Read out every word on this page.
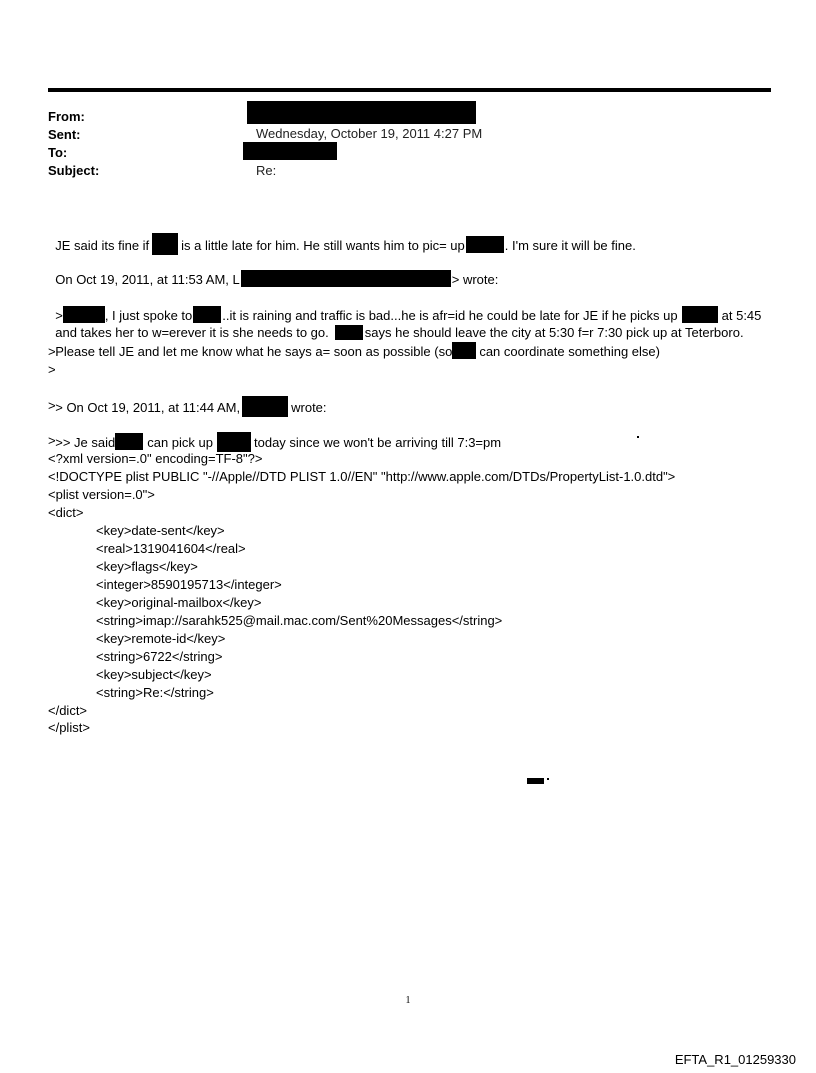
From:
Sent:	Wednesday, October 19, 2011 4:27 PM
To:
Subject:	Re:

JE said its fine if is a little late for him. He still wants him to pic= up	. I'm sure it will be fine.

On Oct 19, 2011, at 11:53 AM, L	> wrote:

>	, I just spoke to ..it is raining and traffic is bad...he is afr=id he could be late for JE if he picks up	at 5:45

and takes her to w=erever it is she needs to go.	says he should leave the city at 5:30 f=r 7:30 pick up at Teterboro.

Please tell JE and let me know what he says a= soon as possible (so can coordinate something else)

>
>

> On Oct 19, 2011, at 11:44 AM,	wrote:

>

>> Je said can pick up	today since we won't be arriving till 7:3=pm

>
<?xml version=.0" encoding=TF-8"?>
<!DOCTYPE plist PUBLIC "-//Apple//DTD PLIST 1.0//EN" "http://www.apple.com/DTDs/PropertyList-1.0.dtd">
<plist version=.0">
<dict>
<key>date-sent</key>
<real>1319041604</real>
<key>flags</key>
<integer>8590195713</integer>
<key>original-mailbox</key>
<string>imap://sarahk525@mail.mac.com/Sent%20Messages</string>
<key>remote-id</key>
<string>6722</string>
<key>subject</key>
<string>Re:</string>
</dict>
</plist>
1
EFTA_R1_01259330
